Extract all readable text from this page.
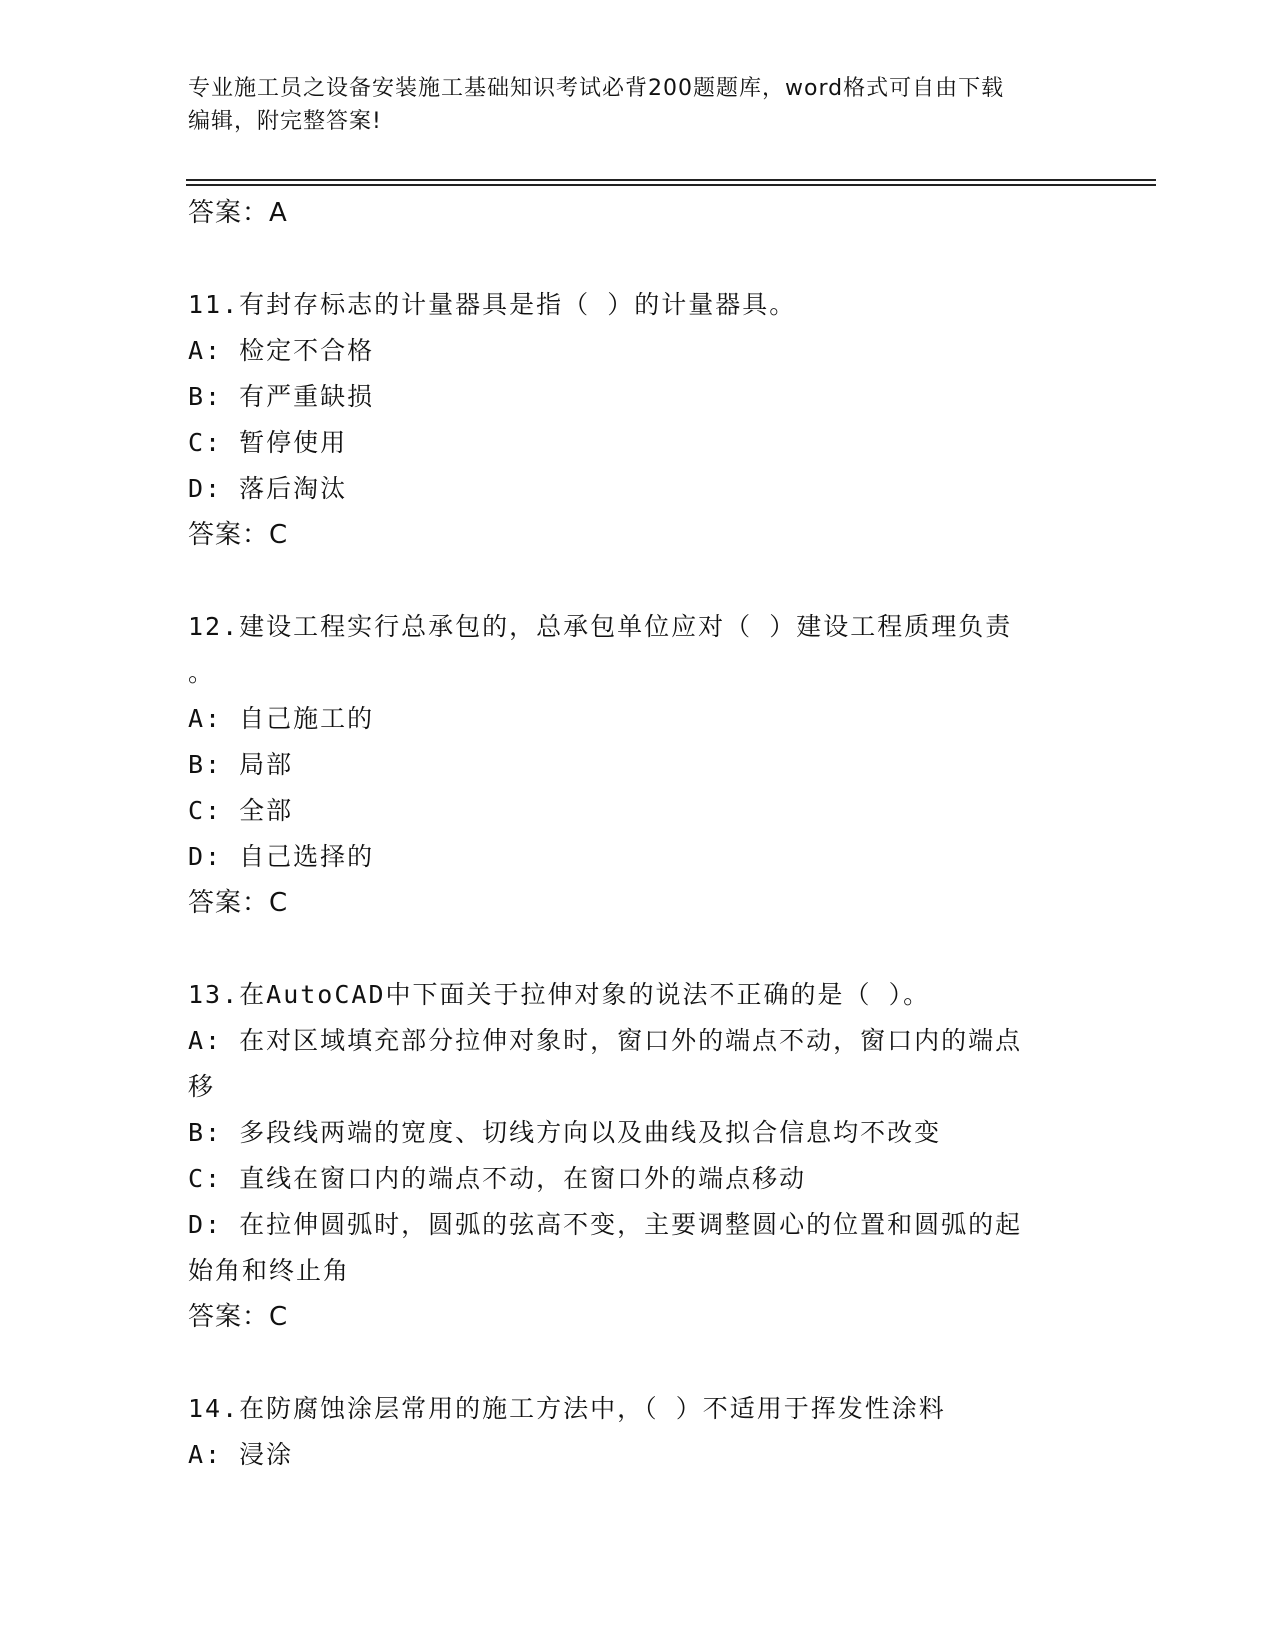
专业施工员之设备安装施工基础知识考试必背200题题库，word格式可自由下载
编辑，附完整答案!
答案：A
11.有封存标志的计量器具是指（ ）的计量器具。
A: 检定不合格
B: 有严重缺损
C: 暂停使用
D: 落后淘汰
答案：C
12.建设工程实行总承包的，总承包单位应对（ ）建设工程质理负责
。
A: 自己施工的
B: 局部
C: 全部
D: 自己选择的
答案：C
13.在AutoCAD中下面关于拉伸对象的说法不正确的是（ ）。
A: 在对区域填充部分拉伸对象时，窗口外的端点不动，窗口内的端点
移
B: 多段线两端的宽度、切线方向以及曲线及拟合信息均不改变
C: 直线在窗口内的端点不动，在窗口外的端点移动
D: 在拉伸圆弧时，圆弧的弦高不变，主要调整圆心的位置和圆弧的起
始角和终止角
答案：C
14.在防腐蚀涂层常用的施工方法中，（ ）不适用于挥发性涂料
A: 浸涂
